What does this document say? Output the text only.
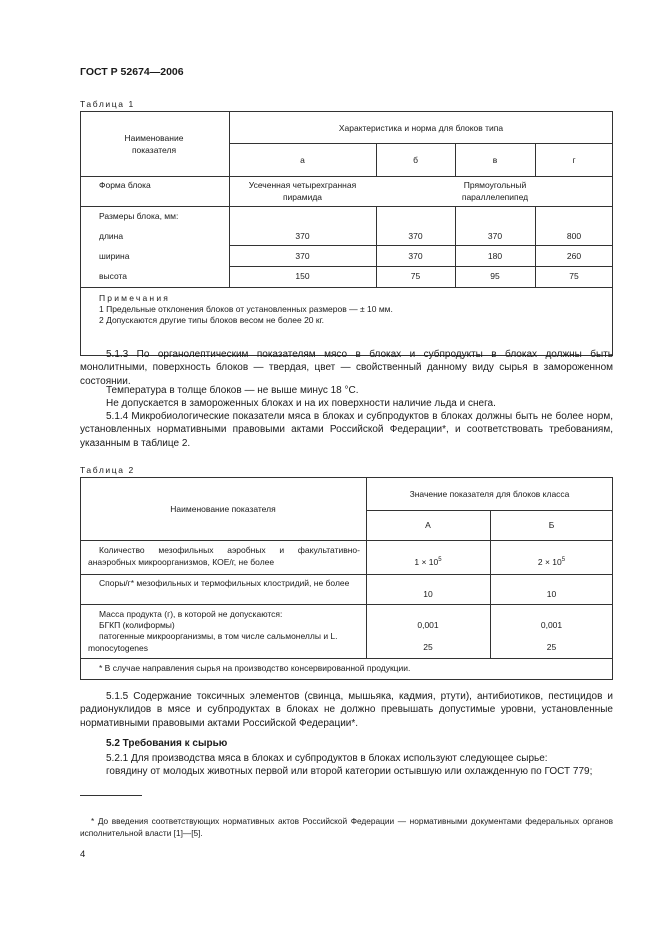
ГОСТ Р 52674—2006
Таблица 1
Наименование показателя
Характеристика и норма для блоков типа
а	б	в	г
Форма блока	Усеченная четырехгранная пирамида
Прямоугольный параллелепипед
Размеры блока, мм:
длина	370	370	370	800
ширина	370	370	180	260
высота	150	75	95	75
Примечания
1 Предельные отклонения блоков от установленных размеров — ± 10 мм.
2 Допускаются другие типы блоков весом не более 20 кг.
5.1.3 По органолептическим показателям мясо в блоках и субпродукты в блоках должны быть монолитными, поверхность блоков — твердая, цвет — свойственный данному виду сырья в замороженном состоянии.
Температура в толще блоков — не выше минус 18 °С.
Не допускается в замороженных блоках и на их поверхности наличие льда и снега.
5.1.4 Микробиологические показатели мяса в блоках и субпродуктов в блоках должны быть не более норм, установленных нормативными правовыми актами Российской Федерации*, и соответствовать требованиям, указанным в таблице 2.
Таблица 2
Наименование показателя
Значение показателя для блоков класса
А	Б
Количество мезофильных аэробных и факультативно-анаэробных микроорганизмов, КОЕ/г, не более	$1 \times 10^5$	$2 \times 10^5$
Споры/г* мезофильных и термофильных клостридий, не более
10	10
Масса продукта (г), в которой не допускаются:
БГКП (колиформы)
патогенные микроорганизмы, в том числе сальмонеллы и L. monocytogenes
0,001	0,001
25	25
* В случае направления сырья на производство консервированной продукции.
5.1.5 Содержание токсичных элементов (свинца, мышьяка, кадмия, ртути), антибиотиков, пестицидов и радионуклидов в мясе и субпродуктах в блоках не должно превышать допустимые уровни, установленные нормативными правовыми актами Российской Федерации*.
5.2 Требования к сырью
5.2.1 Для производства мяса в блоках и субпродуктов в блоках используют следующее сырье:
говядину от молодых животных первой или второй категории остывшую или охлажденную по ГОСТ 779;
* До введения соответствующих нормативных актов Российской Федерации — нормативными документами федеральных органов исполнительной власти [1]—[5].
4
